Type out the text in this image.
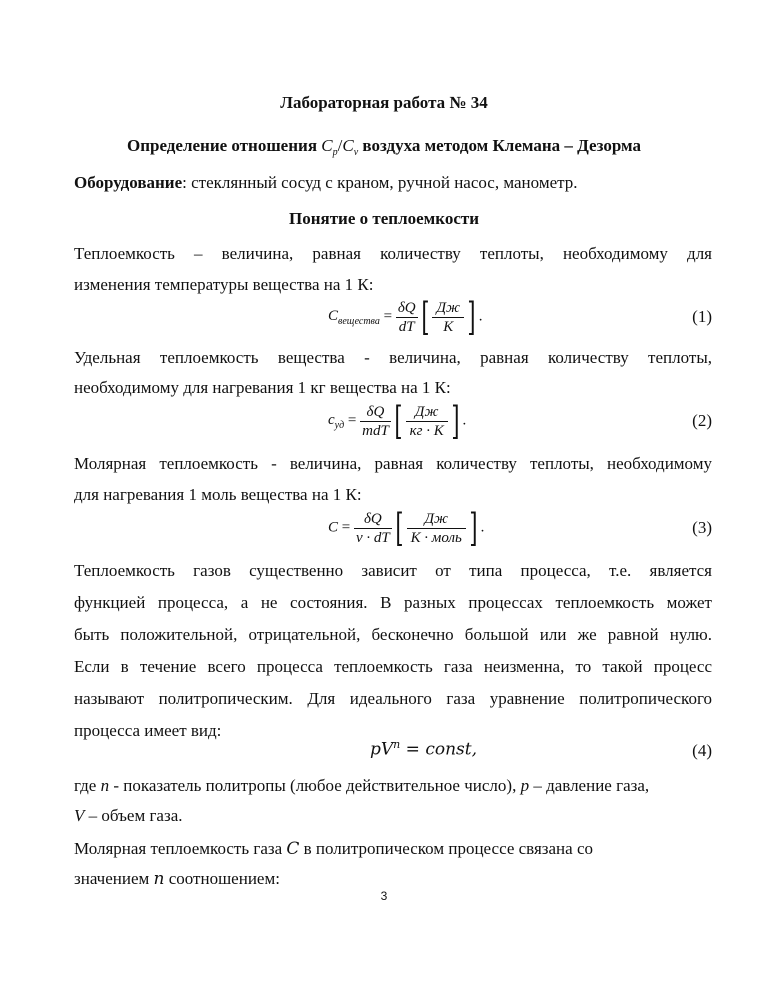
Лабораторная работа № 34
Определение отношения $C_p/C_v$ воздуха методом Клемана – Дезорма
Оборудование: стеклянный сосуд с краном, ручной насос, манометр.
Понятие о теплоемкости
Теплоемкость – величина, равная количеству теплоты, необходимому для
изменения температуры вещества на 1 К:
$C_{вещества} = \frac{\delta Q}{dT}$ [ $\frac{Дж}{К}$ ] .	(1)
Удельная теплоемкость вещества - величина, равная количеству теплоты,
необходимому для нагревания 1 кг вещества на 1 К:
$c_{уд} = \frac{\delta Q}{\text{mdT}}$ [ $\frac{Дж}{кг \cdot К}$ ] .	(2)
Молярная теплоемкость - величина, равная количеству теплоты, необходимому
для нагревания 1 моль вещества на 1 К:
$C = \frac{\delta Q}{\nu \cdot dT}$ [ $\frac{Дж}{\text{К · моль}}$ ] .	(3)
Теплоемкость газов существенно зависит от типа процесса, т.е. является
функцией процесса, а не состояния. В разных процессах теплоемкость может
быть положительной, отрицательной, бесконечно большой или же равной нулю.
Если в течение всего процесса теплоемкость газа неизменна, то такой процесс
называют политропическим. Для идеального газа уравнение политропического
процесса имеет вид:
$pV^n$ = const,	(4)
где n - показатель политропы (любое действительное число), p – давление газа,
V – объем газа.
Молярная теплоемкость газа C в политропическом процессе связана со
значением n соотношением:
3
